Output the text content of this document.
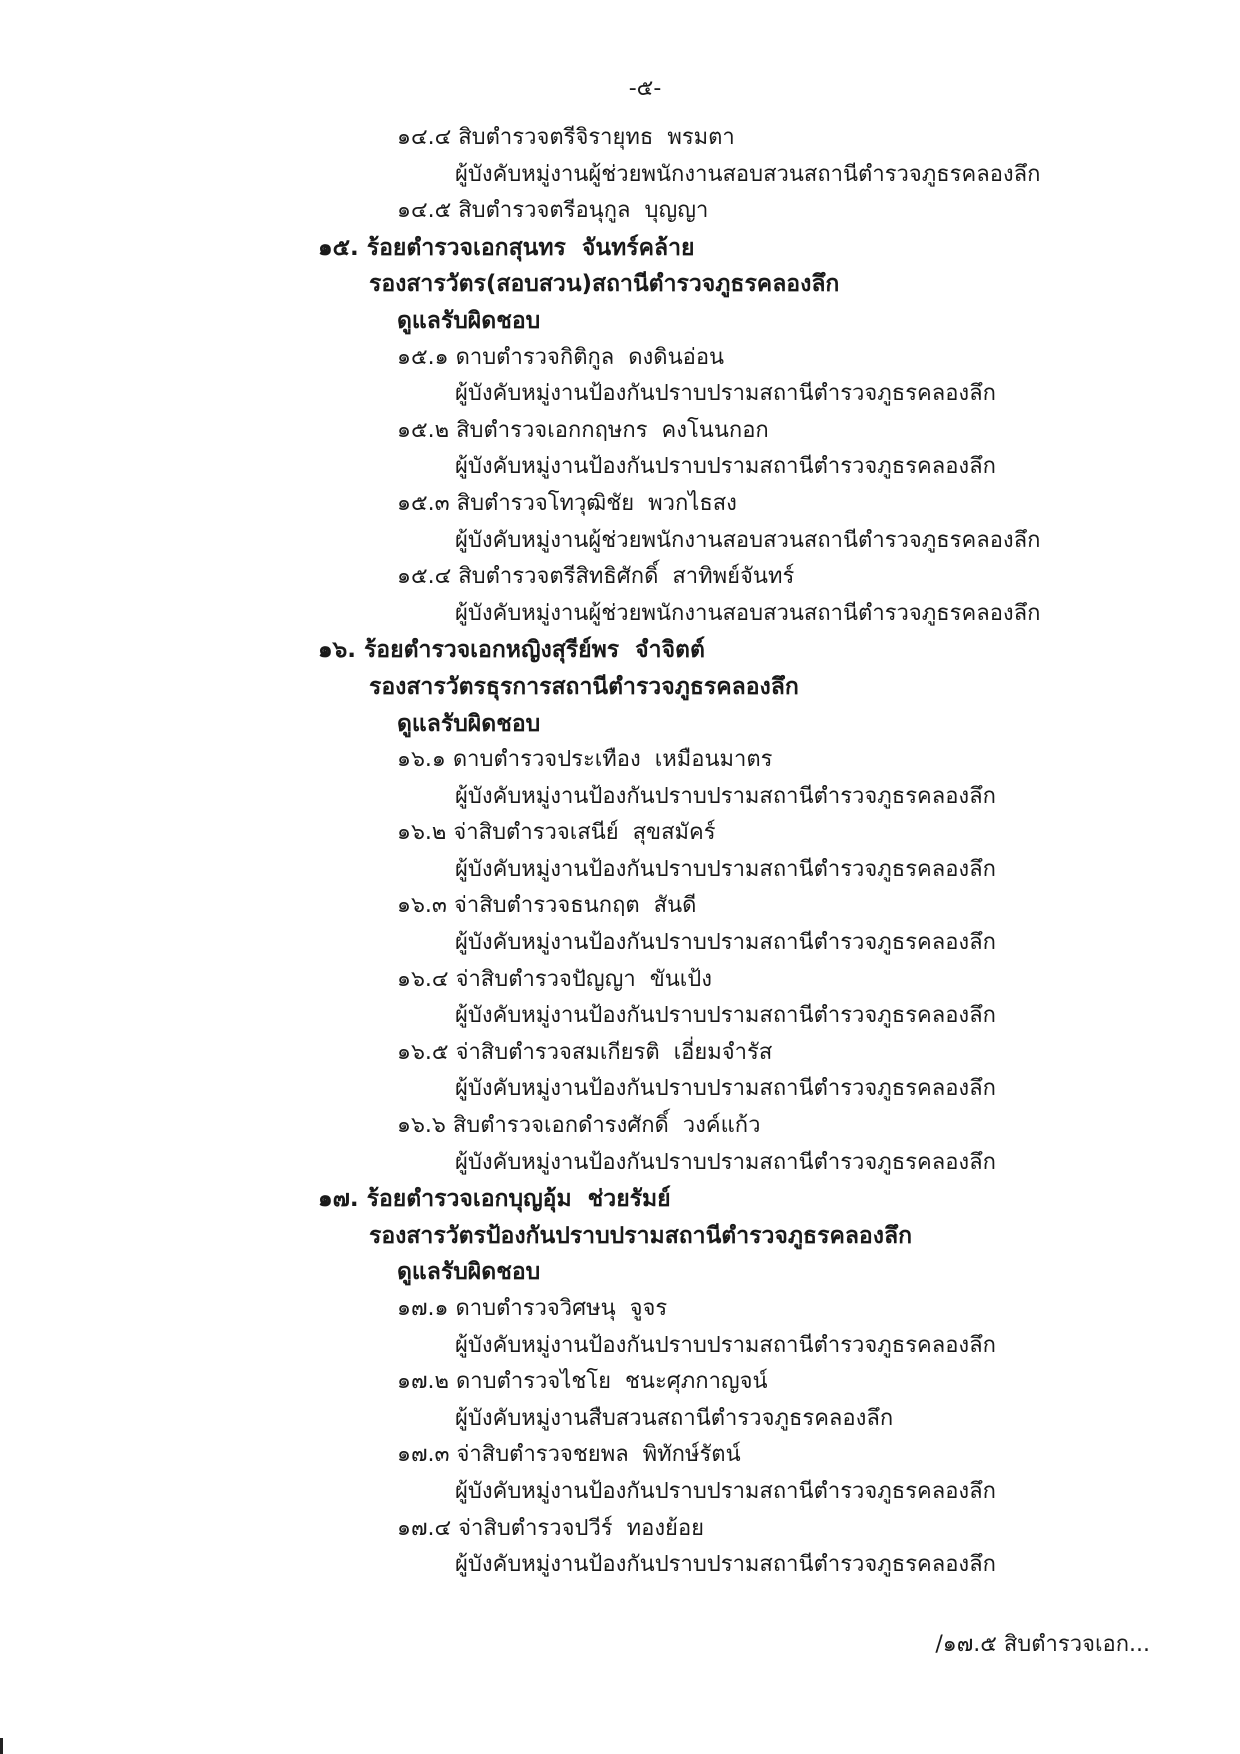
-๕-
๑๔.๔ สิบตำรวจตรีจิรายุทธ  พรมตา
ผู้บังคับหมู่งานผู้ช่วยพนักงานสอบสวนสถานีตำรวจภูธรคลองลึก
๑๔.๕ สิบตำรวจตรีอนุกูล  บุญญา
๑๕. ร้อยตำรวจเอกสุนทร  จันทร์คล้าย
รองสารวัตร(สอบสวน)สถานีตำรวจภูธรคลองลึก
ดูแลรับผิดชอบ
๑๕.๑ ดาบตำรวจกิติกูล  ดงดินอ่อน
ผู้บังคับหมู่งานป้องกันปราบปรามสถานีตำรวจภูธรคลองลึก
๑๕.๒ สิบตำรวจเอกกฤษกร  คงโนนกอก
ผู้บังคับหมู่งานป้องกันปราบปรามสถานีตำรวจภูธรคลองลึก
๑๕.๓ สิบตำรวจโทวุฒิชัย  พวกไธสง
ผู้บังคับหมู่งานผู้ช่วยพนักงานสอบสวนสถานีตำรวจภูธรคลองลึก
๑๕.๔ สิบตำรวจตรีสิทธิศักดิ์  สาทิพย์จันทร์
ผู้บังคับหมู่งานผู้ช่วยพนักงานสอบสวนสถานีตำรวจภูธรคลองลึก
๑๖. ร้อยตำรวจเอกหญิงสุรีย์พร  จำจิตต์
รองสารวัตรธุรการสถานีตำรวจภูธรคลองลึก
ดูแลรับผิดชอบ
๑๖.๑ ดาบตำรวจประเทือง  เหมือนมาตร
ผู้บังคับหมู่งานป้องกันปราบปรามสถานีตำรวจภูธรคลองลึก
๑๖.๒ จ่าสิบตำรวจเสนีย์  สุขสมัคร์
ผู้บังคับหมู่งานป้องกันปราบปรามสถานีตำรวจภูธรคลองลึก
๑๖.๓ จ่าสิบตำรวจธนกฤต  สันดี
ผู้บังคับหมู่งานป้องกันปราบปรามสถานีตำรวจภูธรคลองลึก
๑๖.๔ จ่าสิบตำรวจปัญญา  ขันเป้ง
ผู้บังคับหมู่งานป้องกันปราบปรามสถานีตำรวจภูธรคลองลึก
๑๖.๕ จ่าสิบตำรวจสมเกียรติ  เอี่ยมจำรัส
ผู้บังคับหมู่งานป้องกันปราบปรามสถานีตำรวจภูธรคลองลึก
๑๖.๖ สิบตำรวจเอกดำรงศักดิ์  วงค์แก้ว
ผู้บังคับหมู่งานป้องกันปราบปรามสถานีตำรวจภูธรคลองลึก
๑๗. ร้อยตำรวจเอกบุญอุ้ม  ช่วยรัมย์
รองสารวัตรป้องกันปราบปรามสถานีตำรวจภูธรคลองลึก
ดูแลรับผิดชอบ
๑๗.๑ ดาบตำรวจวิศษนุ  จูจร
ผู้บังคับหมู่งานป้องกันปราบปรามสถานีตำรวจภูธรคลองลึก
๑๗.๒ ดาบตำรวจไชโย  ชนะศุภกาญจน์
ผู้บังคับหมู่งานสืบสวนสถานีตำรวจภูธรคลองลึก
๑๗.๓ จ่าสิบตำรวจชยพล  พิทักษ์รัตน์
ผู้บังคับหมู่งานป้องกันปราบปรามสถานีตำรวจภูธรคลองลึก
๑๗.๔ จ่าสิบตำรวจปวีร์  ทองย้อย
ผู้บังคับหมู่งานป้องกันปราบปรามสถานีตำรวจภูธรคลองลึก
/๑๗.๕ สิบตำรวจเอก...
